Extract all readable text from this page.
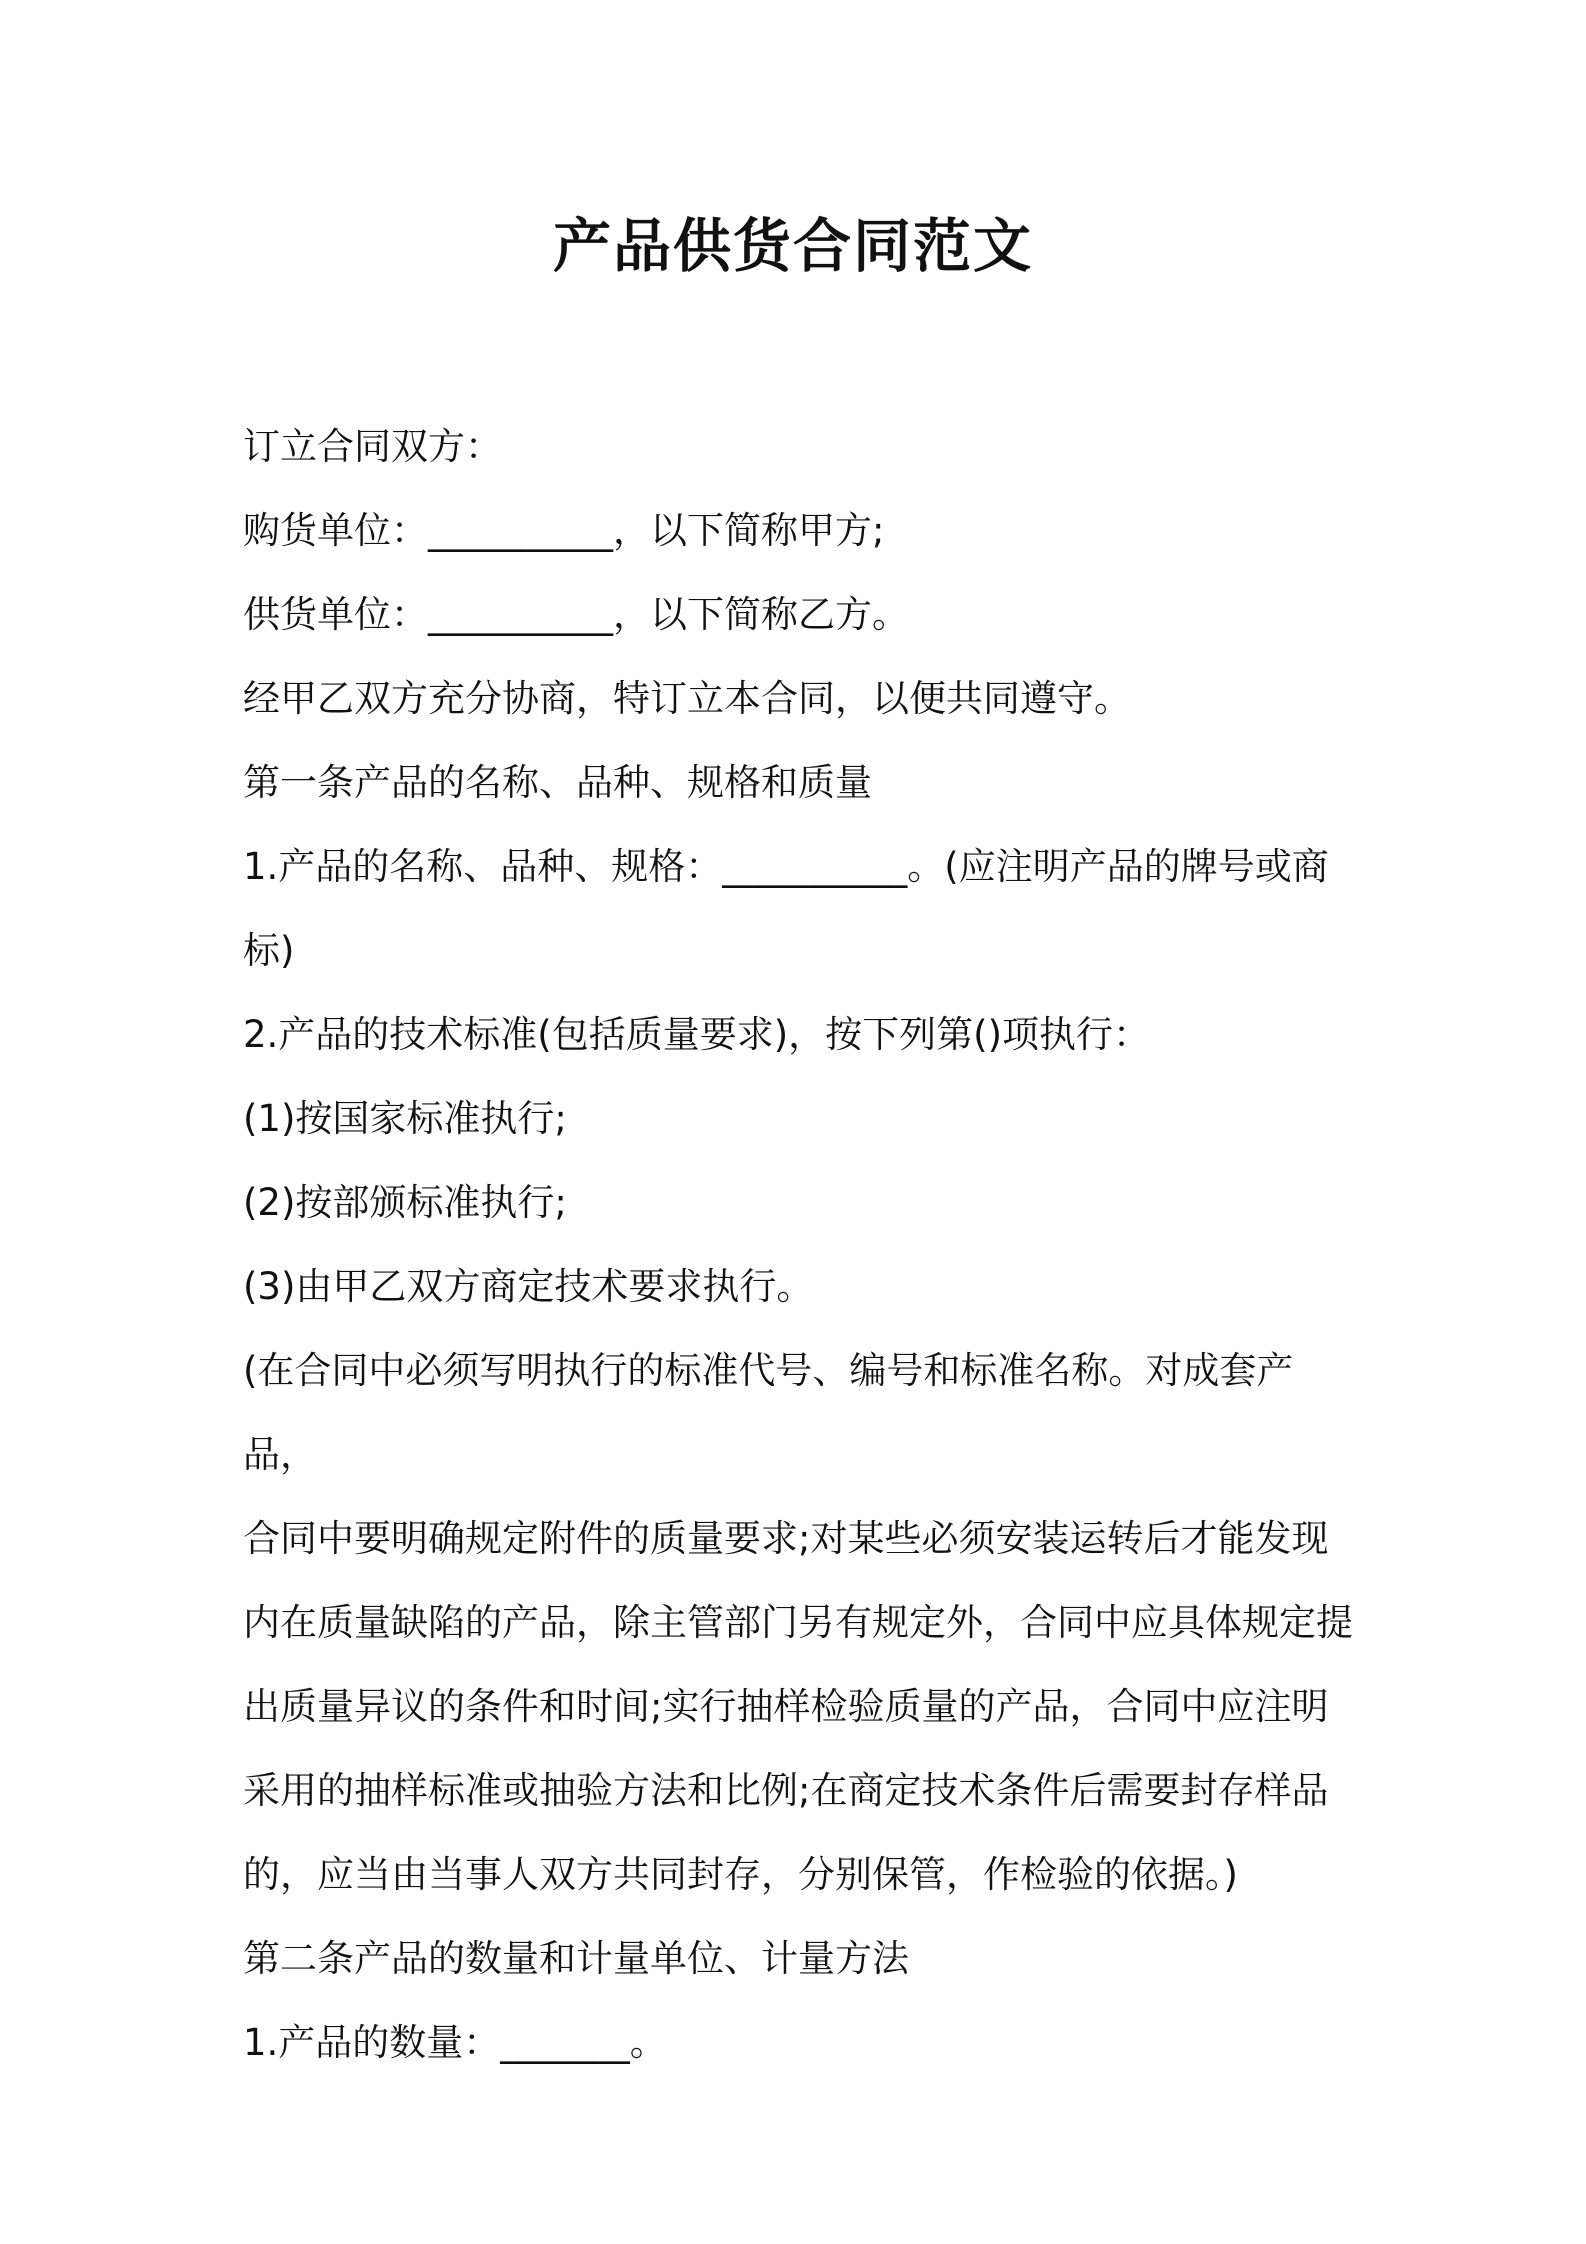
产品供货合同范文

订立合同双方：

购货单位：__________，以下简称甲方;

供货单位：__________，以下简称乙方。

经甲乙双方充分协商，特订立本合同，以便共同遵守。

第一条产品的名称、品种、规格和质量

1.产品的名称、品种、规格：__________。(应注明产品的牌号或商

标)

2.产品的技术标准(包括质量要求)，按下列第()项执行：

(1)按国家标准执行;

(2)按部颁标准执行;

(3)由甲乙双方商定技术要求执行。

(在合同中必须写明执行的标准代号、编号和标准名称。对成套产品，

合同中要明确规定附件的质量要求;对某些必须安装运转后才能发现

内在质量缺陷的产品，除主管部门另有规定外，合同中应具体规定提

出质量异议的条件和时间;实行抽样检验质量的产品，合同中应注明

采用的抽样标准或抽验方法和比例;在商定技术条件后需要封存样品

的，应当由当事人双方共同封存，分别保管，作检验的依据。)

第二条产品的数量和计量单位、计量方法

1.产品的数量：_______。
